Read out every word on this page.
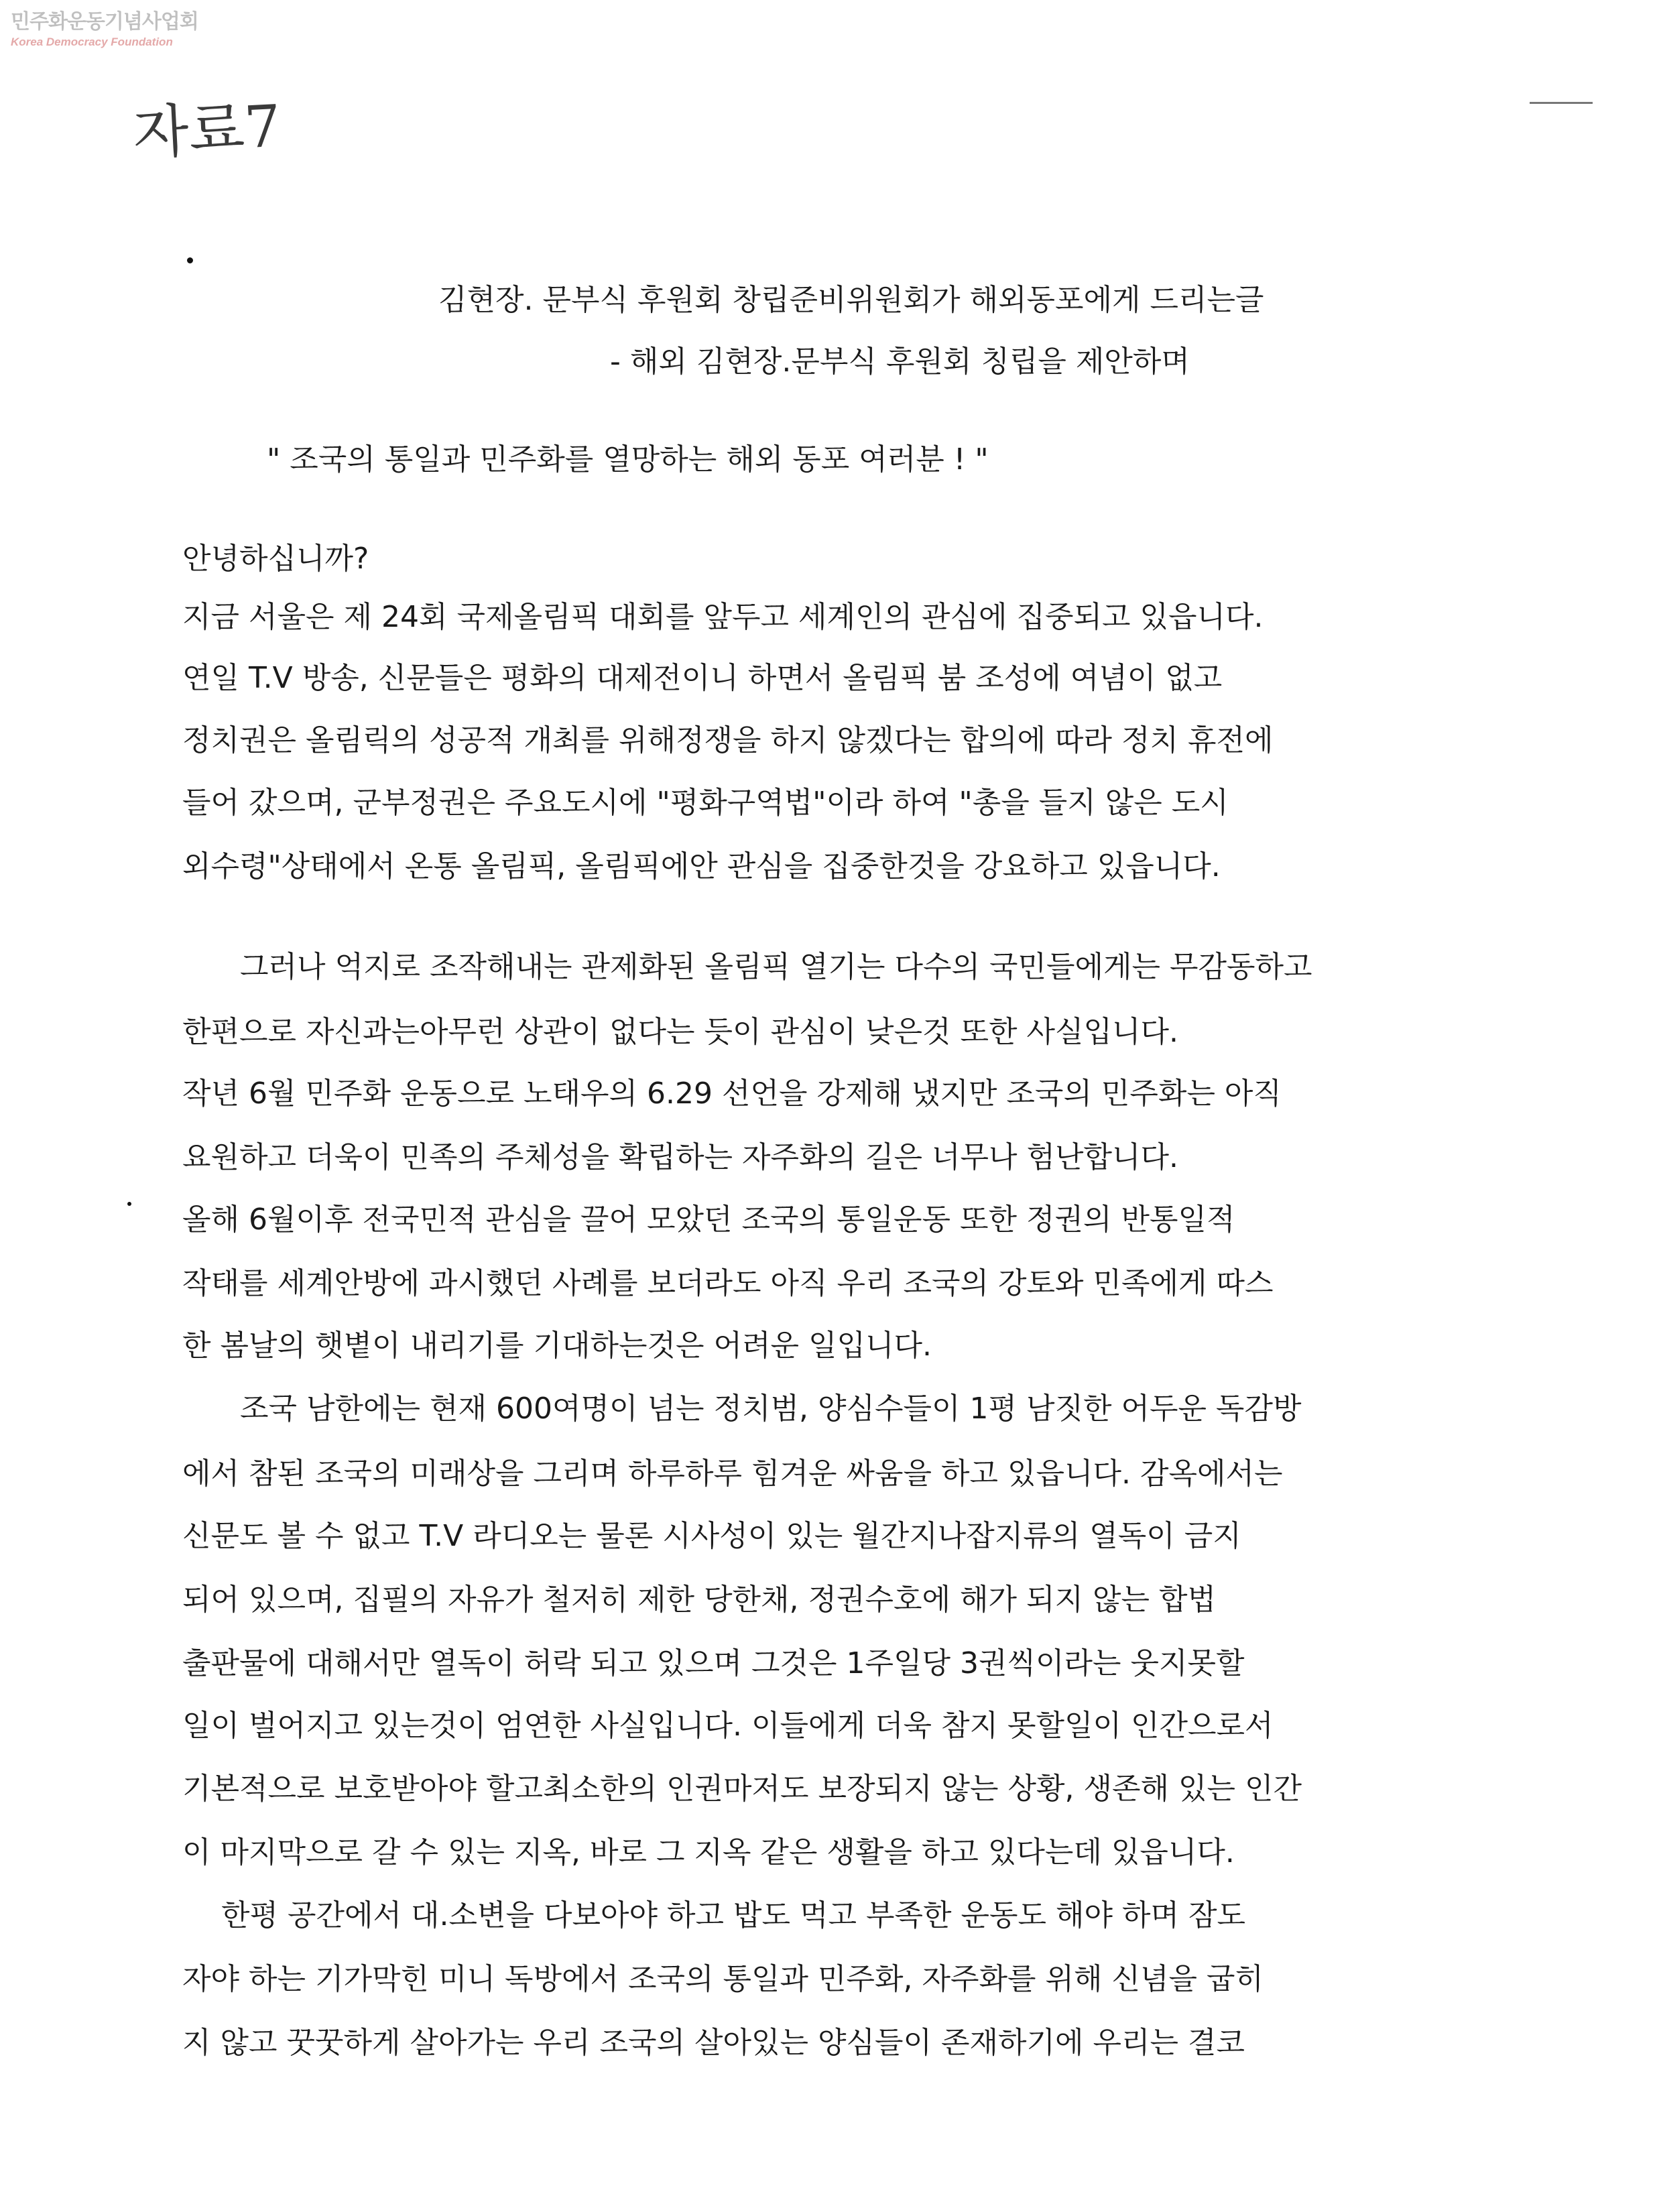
민주화운동기념사업회
Korea Democracy Foundation
자료7
김현장. 문부식 후원회 창립준비위원회가 해외동포에게 드리는글
- 해외 김현장.문부식 후원회 칭립을 제안하며
" 조국의 통일과 민주화를 열망하는 해외 동포 여러분 ! "
안녕하십니까?
지금 서울은 제 24회 국제올림픽 대회를 앞두고 세계인의 관심에 집중되고 있읍니다.
연일 T.V 방송, 신문들은 평화의 대제전이니 하면서 올림픽 붐 조성에 여념이 없고
정치권은 올림릭의 성공적 개최를 위해정쟁을 하지 않겠다는 합의에 따라 정치 휴전에
들어 갔으며, 군부정권은 주요도시에 "평화구역법"이라 하여 "총을 들지 않은 도시
외수령"상태에서 온통 올림픽, 올림픽에안 관심을 집중한것을 강요하고 있읍니다.
그러나 억지로 조작해내는 관제화된 올림픽 열기는 다수의 국민들에게는 무감동하고
한편으로 자신과는아무런 상관이 없다는 듯이 관심이 낮은것 또한 사실입니다.
작년 6월 민주화 운동으로 노태우의 6.29 선언을 강제해 냈지만 조국의 민주화는 아직
요원하고 더욱이 민족의 주체성을 확립하는 자주화의 길은 너무나 험난합니다.
올해 6월이후 전국민적 관심을 끌어 모았던 조국의 통일운동 또한 정권의 반통일적
작태를 세계안방에 과시했던 사례를 보더라도 아직 우리 조국의 강토와 민족에게 따스
한 봄날의 햇볕이 내리기를 기대하는것은 어려운 일입니다.
조국 남한에는 현재 600여명이 넘는 정치범, 양심수들이 1평 남짓한 어두운 독감방
에서 참된 조국의 미래상을 그리며 하루하루 힘겨운 싸움을 하고 있읍니다. 감옥에서는
신문도 볼 수 없고 T.V 라디오는 물론 시사성이 있는 월간지나잡지류의 열독이 금지
되어 있으며, 집필의 자유가 철저히 제한 당한채, 정권수호에 해가 되지 않는 합법
출판물에 대해서만 열독이 허락 되고 있으며 그것은 1주일당 3권씩이라는 웃지못할
일이 벌어지고 있는것이 엄연한 사실입니다. 이들에게 더욱 참지 못할일이 인간으로서
기본적으로 보호받아야 할고최소한의 인권마저도 보장되지 않는 상황, 생존해 있는 인간
이 마지막으로 갈 수 있는 지옥, 바로 그 지옥 같은 생활을 하고 있다는데 있읍니다.
한평 공간에서 대.소변을 다보아야 하고 밥도 먹고 부족한 운동도 해야 하며 잠도
자야 하는 기가막힌 미니 독방에서 조국의 통일과 민주화, 자주화를 위해 신념을 굽히
지 않고 꿋꿋하게 살아가는 우리 조국의 살아있는 양심들이 존재하기에 우리는 결코
